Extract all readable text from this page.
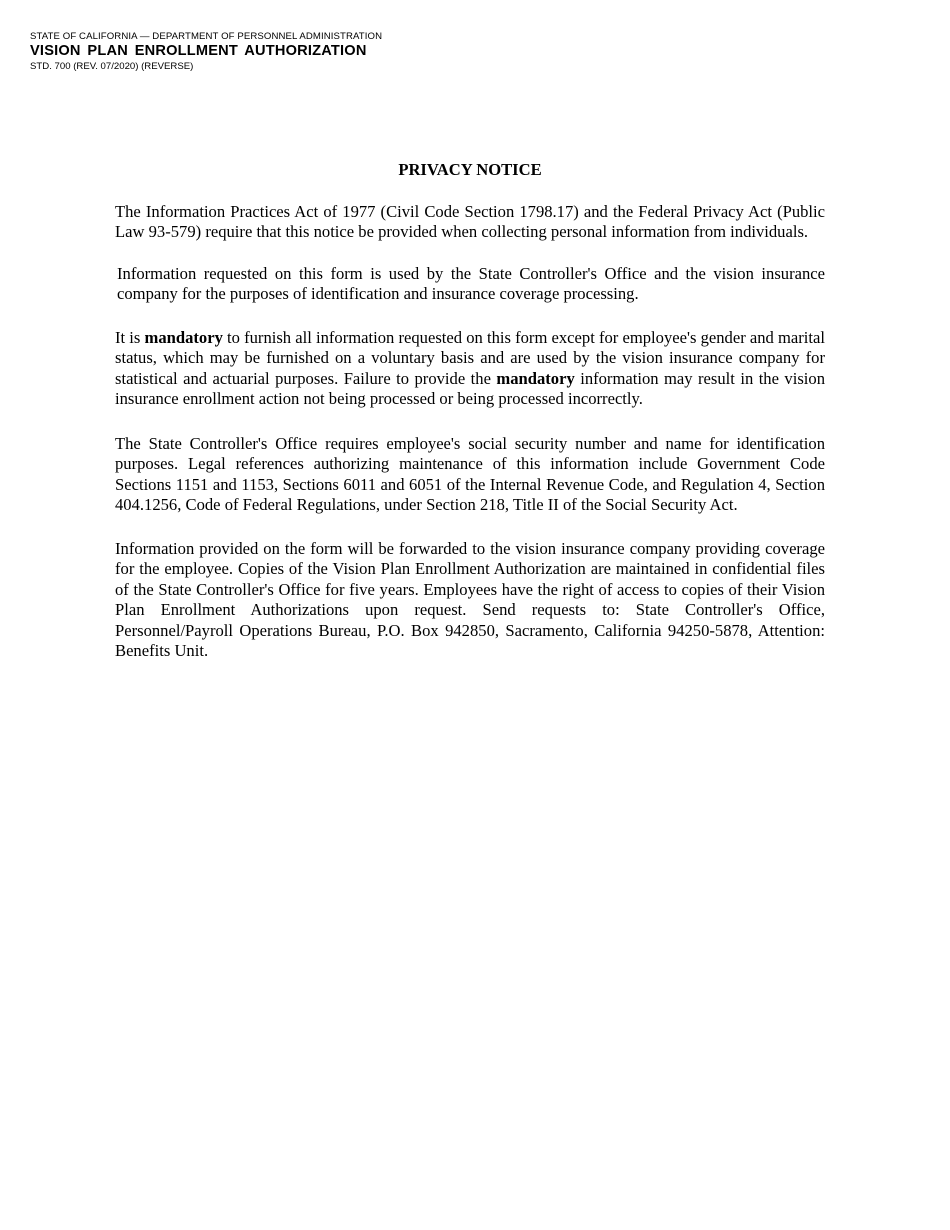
STATE OF CALIFORNIA — DEPARTMENT OF PERSONNEL ADMINISTRATION
VISION PLAN ENROLLMENT AUTHORIZATION
STD. 700 (REV. 07/2020) (REVERSE)
PRIVACY NOTICE

The Information Practices Act of 1977 (Civil Code Section 1798.17) and the Federal Privacy Act (Public Law 93-579) require that this notice be provided when collecting personal information from individuals.

Information requested on this form is used by the State Controller's Office and the vision insurance company for the purposes of identification and insurance coverage processing.

It is mandatory to furnish all information requested on this form except for employee's gender and marital status, which may be furnished on a voluntary basis and are used by the vision insurance company for statistical and actuarial purposes. Failure to provide the mandatory information may result in the vision insurance enrollment action not being processed or being processed incorrectly.

The State Controller's Office requires employee's social security number and name for identification purposes. Legal references authorizing maintenance of this information include Government Code Sections 1151 and 1153, Sections 6011 and 6051 of the Internal Revenue Code, and Regulation 4, Section 404.1256, Code of Federal Regulations, under Section 218, Title II of the Social Security Act.

Information provided on the form will be forwarded to the vision insurance company providing coverage for the employee. Copies of the Vision Plan Enrollment Authorization are maintained in confidential files of the State Controller's Office for five years. Employees have the right of access to copies of their Vision Plan Enrollment Authorizations upon request. Send requests to: State Controller's Office, Personnel/Payroll Operations Bureau, P.O. Box 942850, Sacramento, California 94250-5878, Attention: Benefits Unit.
